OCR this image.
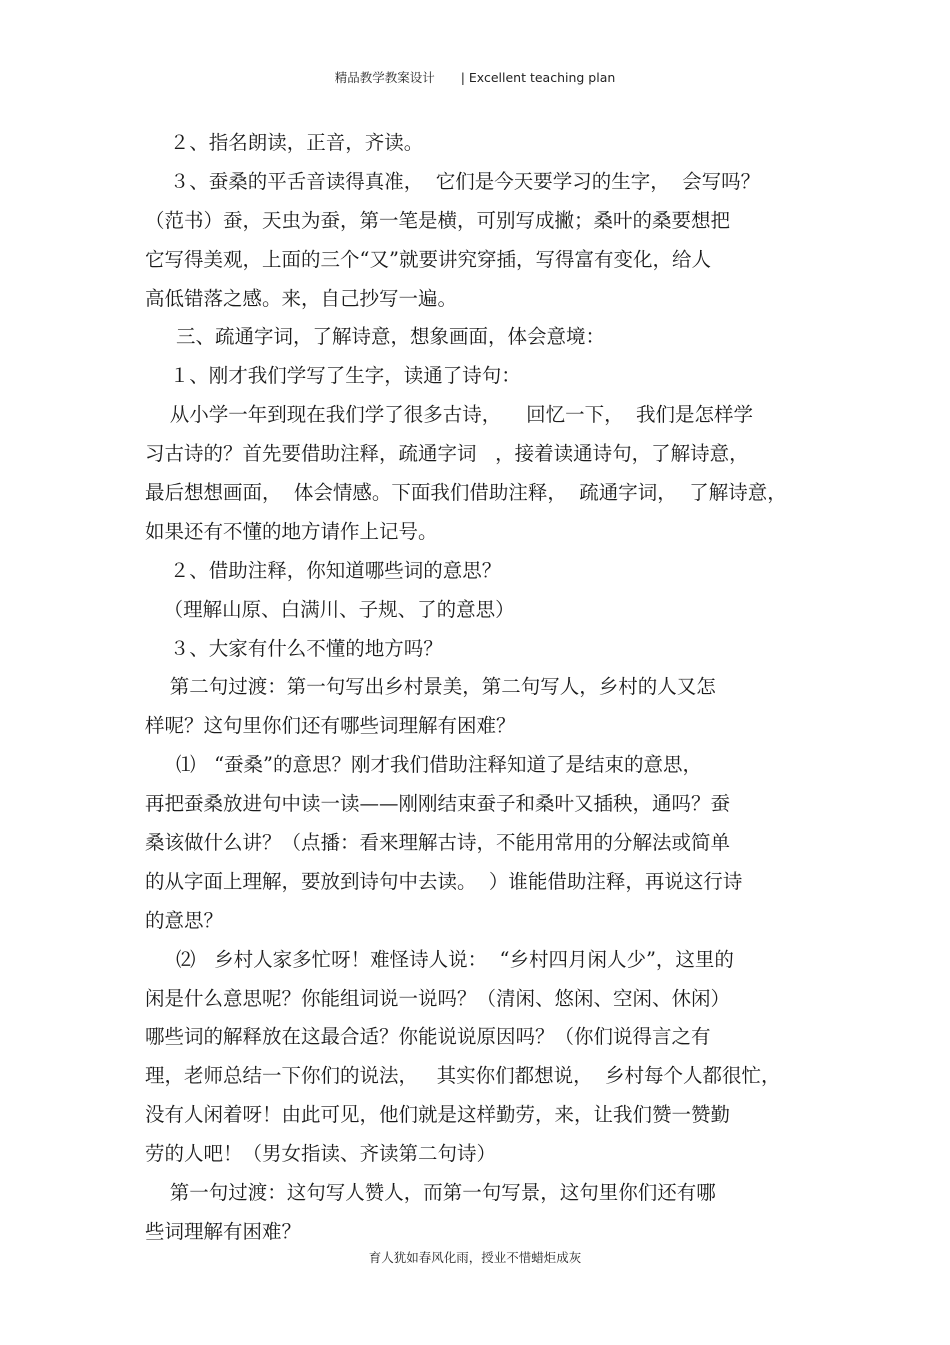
精品教学教案设计 | Excellent teaching plan
２、指名朗读，正音，齐读。
３、蚕桑的平舌音读得真准，  它们是今天要学习的生字，  会写吗？
（范书）蚕，天虫为蚕，第一笔是横，可别写成撇；桑叶的桑要想把
它写得美观，上面的三个“又”就要讲究穿插，写得富有变化，给人
高低错落之感。来，自己抄写一遍。
三、疏通字词，了解诗意，想象画面，体会意境：
１、刚才我们学写了生字，读通了诗句：
从小学一年到现在我们学了很多古诗，    回忆一下，  我们是怎样学
习古诗的？首先要借助注释，疏通字词   ，接着读通诗句，了解诗意，
最后想想画面，  体会情感。下面我们借助注释，  疏通字词，  了解诗意，
如果还有不懂的地方请作上记号。
２、借助注释，你知道哪些词的意思？
（理解山原、白满川、子规、了的意思）
３、大家有什么不懂的地方吗？
第二句过渡：第一句写出乡村景美，第二句写人，乡村的人又怎
样呢？这句里你们还有哪些词理解有困难？
⑴   “蚕桑”的意思？刚才我们借助注释知道了是结束的意思，
再把蚕桑放进句中读一读——刚刚结束蚕子和桑叶又插秧，通吗？蚕
桑该做什么讲？（点播：看来理解古诗，不能用常用的分解法或简单
的从字面上理解，要放到诗句中去读。  ）谁能借助注释，再说这行诗
的意思？
⑵   乡村人家多忙呀！难怪诗人说：  “乡村四月闲人少”，这里的
闲是什么意思呢？你能组词说一说吗？（清闲、悠闲、空闲、休闲）
哪些词的解释放在这最合适？你能说说原因吗？（你们说得言之有
理，老师总结一下你们的说法，   其实你们都想说，  乡村每个人都很忙，
没有人闲着呀！由此可见，他们就是这样勤劳，来，让我们赞一赞勤
劳的人吧！（男女指读、齐读第二句诗）
第一句过渡：这句写人赞人，而第一句写景，这句里你们还有哪
些词理解有困难？
育人犹如春风化雨，授业不惜蜡炬成灰
